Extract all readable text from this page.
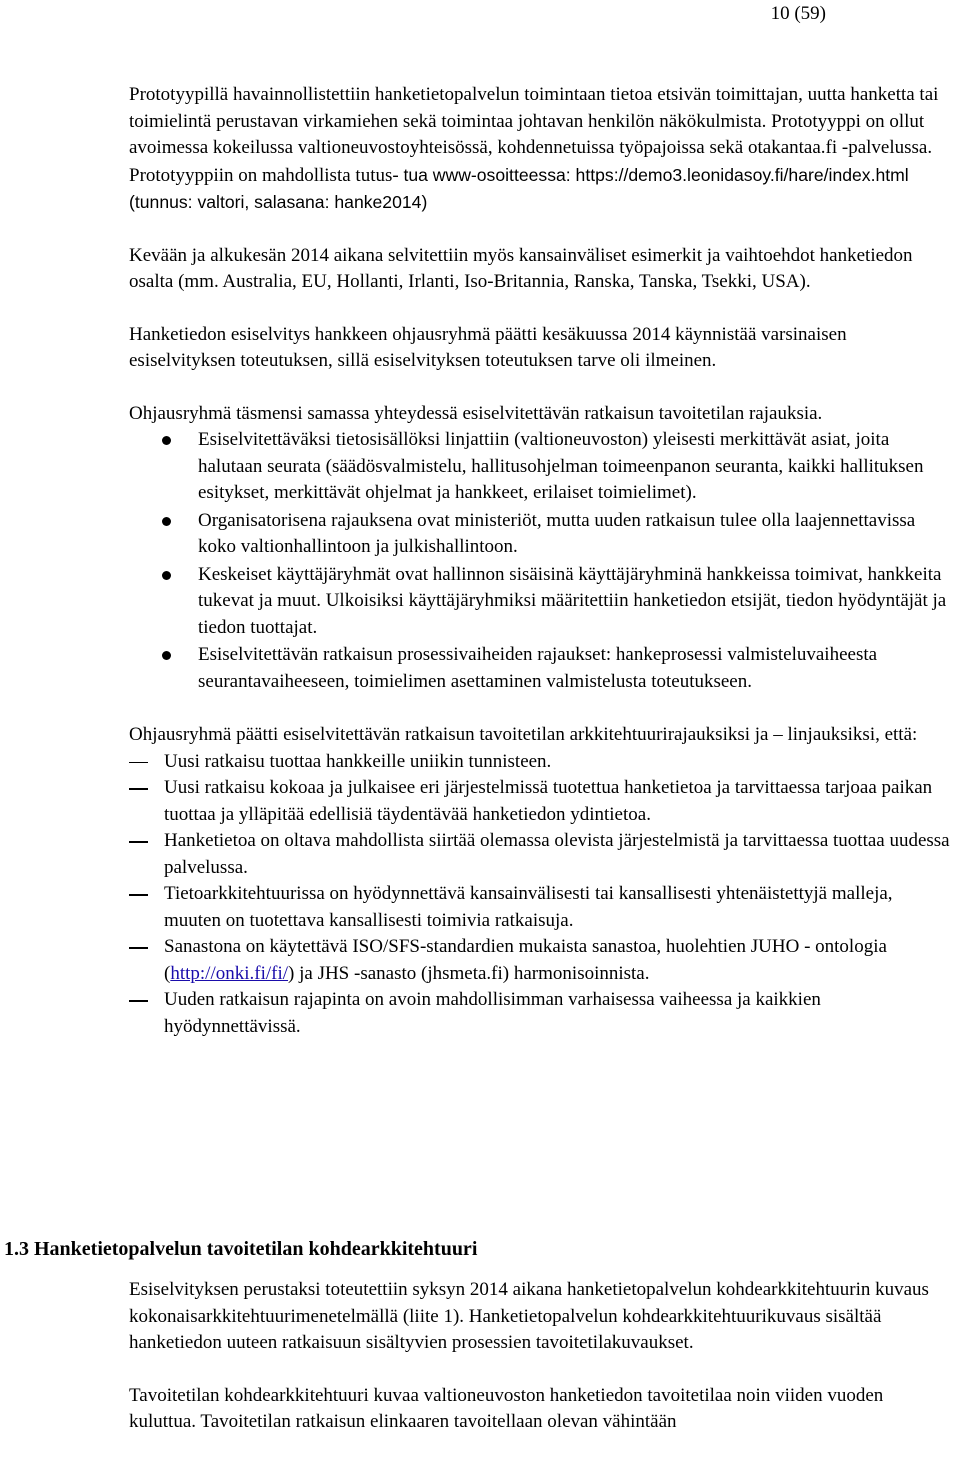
10 (59)

Prototyypillä havainnollistettiin hanketietopalvelun toimintaan tietoa etsivän toimittajan, uutta hanketta tai toimielintä perustavan virkamiehen sekä toimintaa johtavan henkilön näkökulmista. Prototyyppi on ollut avoimessa kokeilussa valtioneuvostoyhteisössä, kohdennetuissa työpajoissa sekä otakantaa.fi -palvelussa. Prototyyppiin on mahdollista tutus- tua www-osoitteessa: https://demo3.leonidasoy.fi/hare/index.html (tunnus: valtori, salasana: hanke2014)

Kevään ja alkukesän 2014 aikana selvitettiin myös kansainväliset esimerkit ja vaihtoehdot hanketiedon osalta (mm. Australia, EU, Hollanti, Irlanti, Iso-Britannia, Ranska, Tanska, Tsekki, USA).

Hanketiedon esiselvitys hankkeen ohjausryhmä päätti kesäkuussa 2014 käynnistää varsinaisen esiselvityksen toteutuksen, sillä esiselvityksen toteutuksen tarve oli ilmeinen.

Ohjausryhmä täsmensi samassa yhteydessä esiselvitettävän ratkaisun tavoitetilan rajauksia.

Esiselvitettäväksi tietosisällöksi linjattiin (valtioneuvoston) yleisesti merkittävät asiat, joita halutaan seurata (säädösvalmistelu, hallitusohjelman toimeenpanon seuranta, kaikki hallituksen esitykset, merkittävät ohjelmat ja hankkeet, erilaiset toimielimet).
Organisatorisena rajauksena ovat ministeriöt, mutta uuden ratkaisun tulee olla laajennettavissa koko valtionhallintoon ja julkishallintoon.
Keskeiset käyttäjäryhmät ovat hallinnon sisäisinä käyttäjäryhminä hankkeissa toimivat, hankkeita tukevat ja muut. Ulkoisiksi käyttäjäryhmiksi määritettiin hanketiedon etsijät, tiedon hyödyntäjät ja tiedon tuottajat.
Esiselvitettävän ratkaisun prosessivaiheiden rajaukset: hankeprosessi valmisteluvaiheesta seurantavaiheeseen, toimielimen asettaminen valmistelusta toteutukseen.

Ohjausryhmä päätti esiselvitettävän ratkaisun tavoitetilan arkkitehtuurirajauksiksi ja – linjauksiksi, että:

Uusi ratkaisu tuottaa hankkeille uniikin tunnisteen.
Uusi ratkaisu kokoaa ja julkaisee eri järjestelmissä tuotettua hanketietoa ja tarvittaessa tarjoaa paikan tuottaa ja ylläpitää edellisiä täydentävää hanketiedon ydintietoa.
Hanketietoa on oltava mahdollista siirtää olemassa olevista järjestelmistä ja tarvittaessa tuottaa uudessa palvelussa.
Tietoarkkitehtuurissa on hyödynnettävä kansainvälisesti tai kansallisesti yhtenäistettyjä malleja, muuten on tuotettava kansallisesti toimivia ratkaisuja.
Sanastona on käytettävä ISO/SFS-standardien mukaista sanastoa, huolehtien JUHO - ontologia (http://onki.fi/fi/) ja JHS -sanasto (jhsmeta.fi) harmonisoinnista.
Uuden ratkaisun rajapinta on avoin mahdollisimman varhaisessa vaiheessa ja kaikkien hyödynnettävissä.
1.3 Hanketietopalvelun tavoitetilan kohdearkkitehtuuri

Esiselvityksen perustaksi toteutettiin syksyn 2014 aikana hanketietopalvelun kohdearkkitehtuurin kuvaus kokonaisarkkitehtuurimenetelmällä (liite 1). Hanketietopalvelun kohdearkkitehtuurikuvaus sisältää hanketiedon uuteen ratkaisuun sisältyvien prosessien tavoitetilakuvaukset.

Tavoitetilan kohdearkkitehtuuri kuvaa valtioneuvoston hanketiedon tavoitetilaa noin viiden vuoden kuluttua. Tavoitetilan ratkaisun elinkaaren tavoitellaan olevan vähintään
